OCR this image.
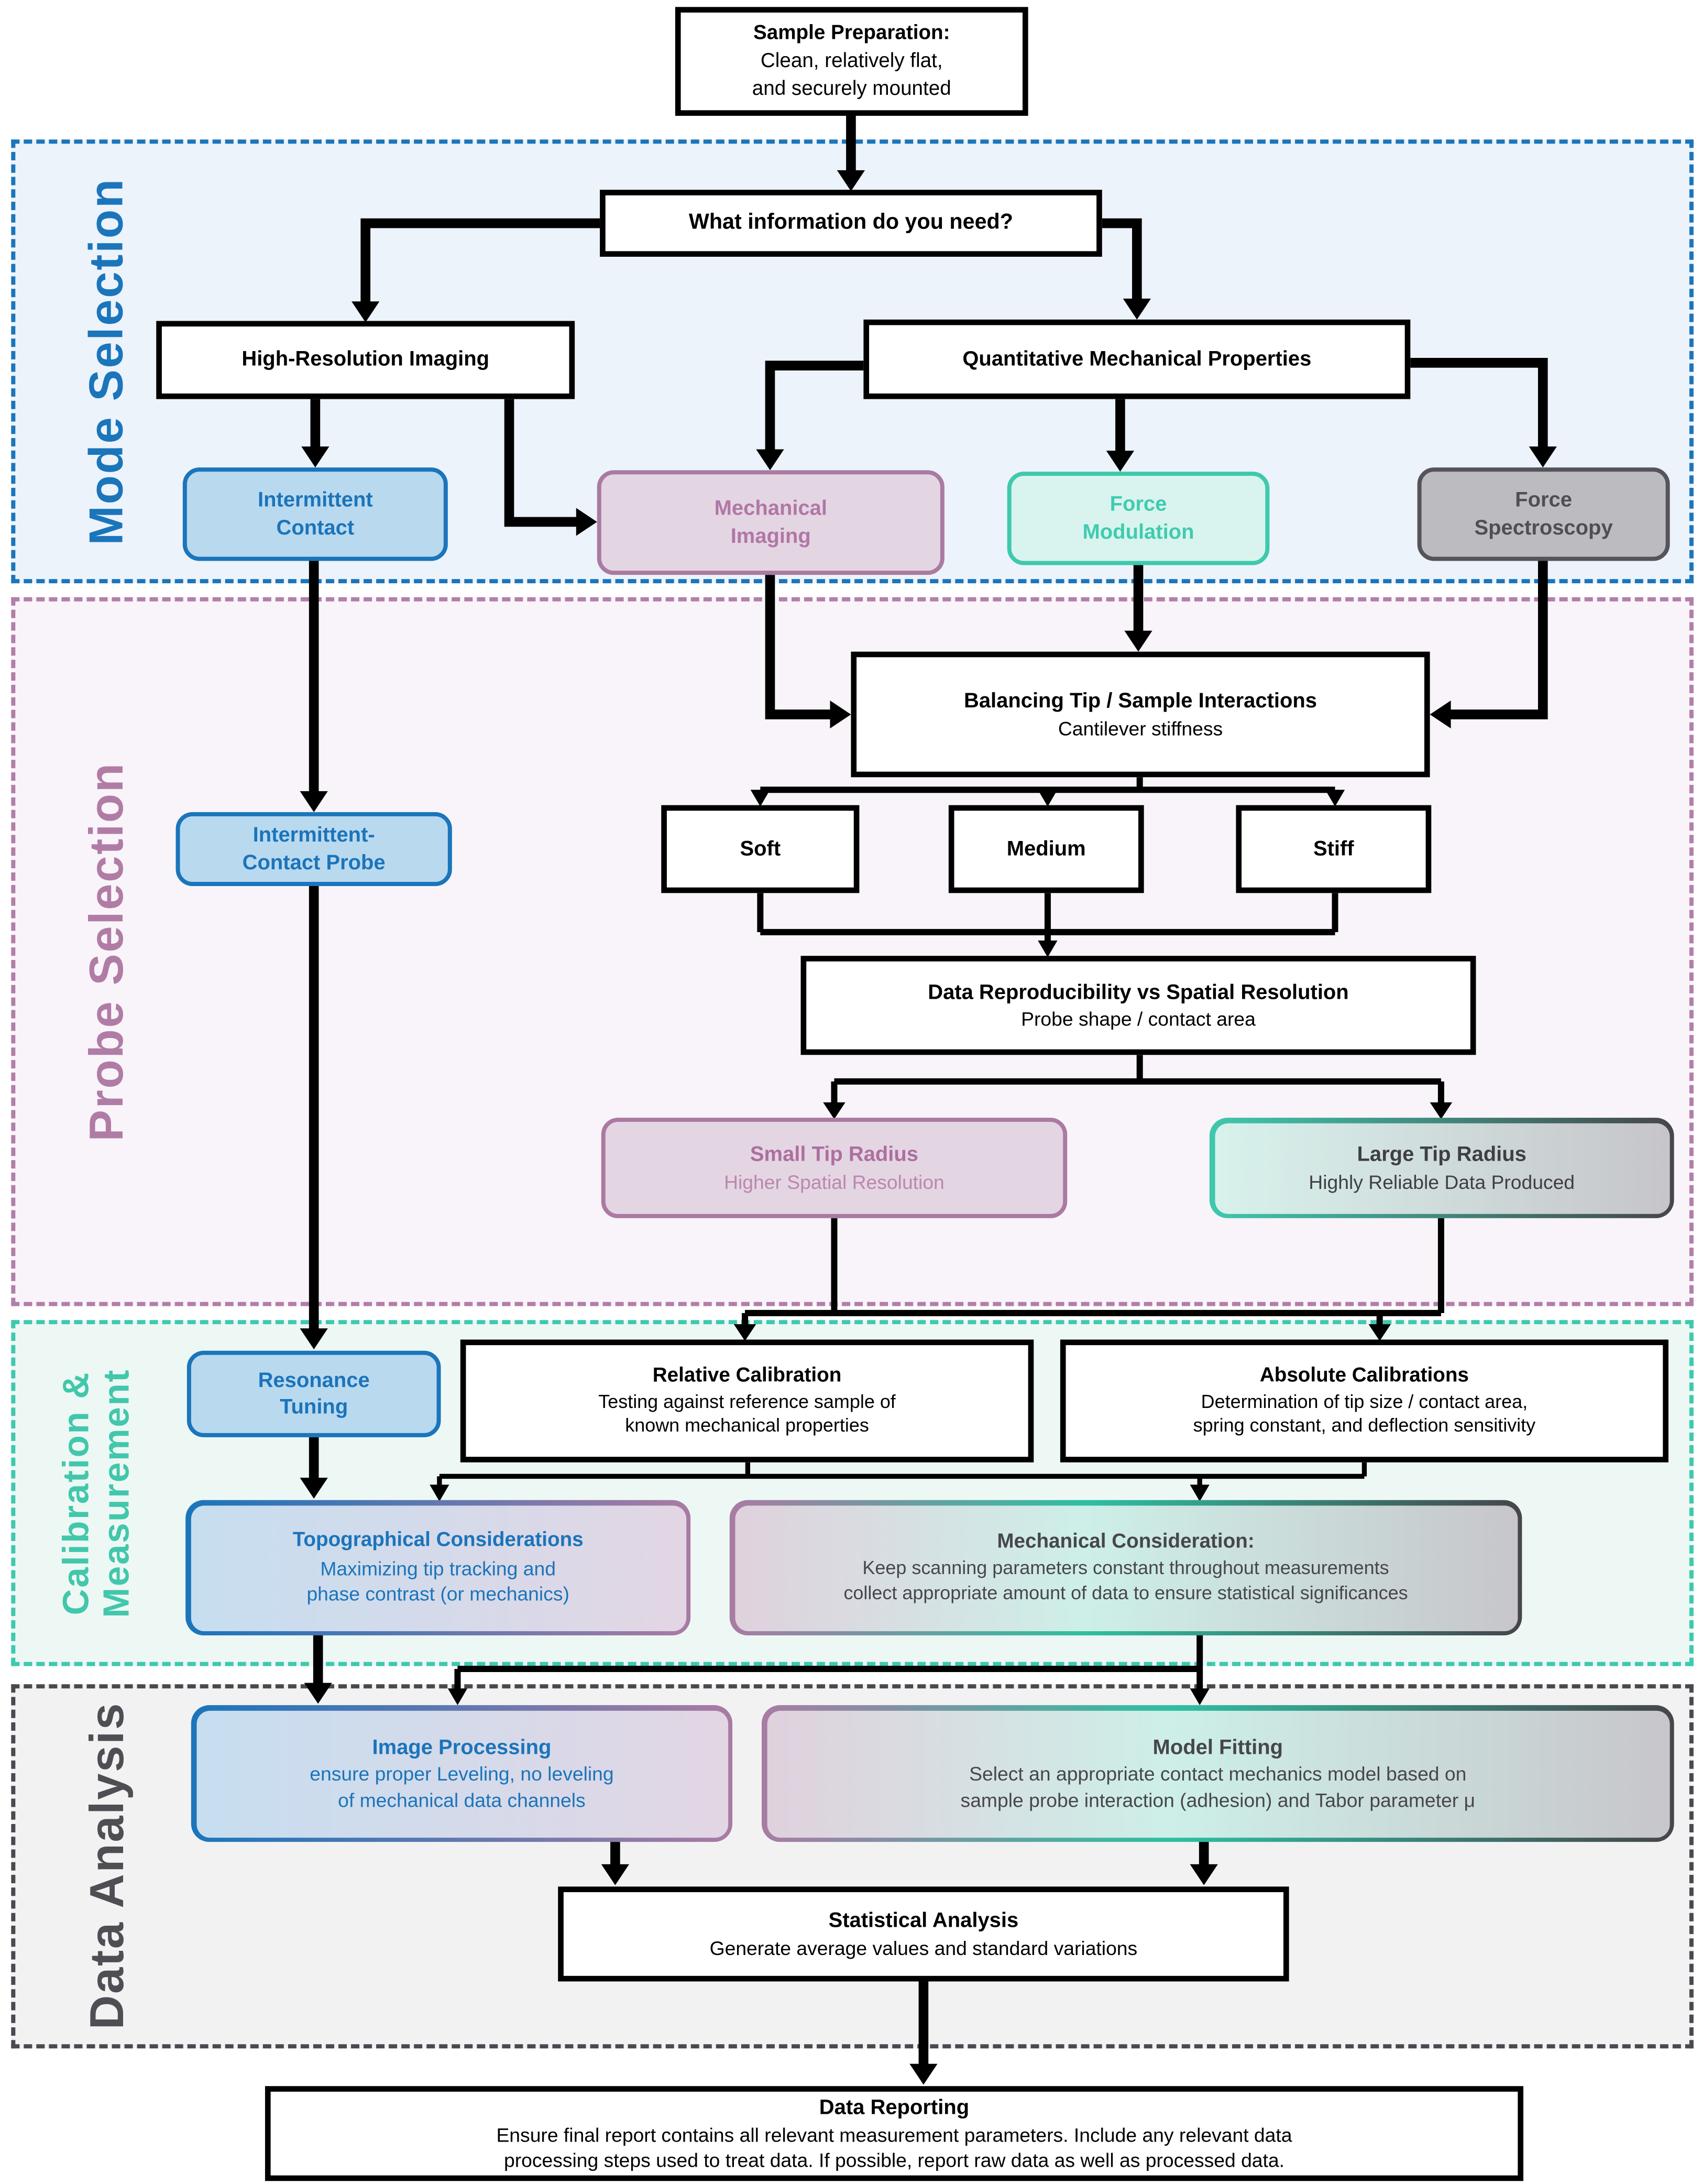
Mode Selection
Probe Selection
Calibration &
Measurement
Data Analysis
Sample Preparation:
Clean, relatively flat,
and securely mounted
What information do you need?
High-Resolution Imaging	Quantitative Mechanical Properties
Intermittent
Contact
Mechanical
Imaging
Force
Modulation
Force
Spectroscopy
Balancing Tip / Sample Interactions
Cantilever stiffness
Soft	Medium	Stiff
Intermittent-
Contact Probe
Data Reproducibility vs Spatial Resolution
Probe shape / contact area
Small Tip Radius
Higher Spatial Resolution
Large Tip Radius
Highly Reliable Data Produced
Resonance
Tuning
Relative Calibration
Testing against reference sample of
known mechanical properties
Absolute Calibrations
Determination of tip size / contact area,
spring constant, and deflection sensitivity
Topographical Considerations
Maximizing tip tracking and
phase contrast (or mechanics)
Mechanical Consideration:
Keep scanning parameters constant throughout measurements
collect appropriate amount of data to ensure statistical significances
Image Processing
ensure proper Leveling, no leveling
of mechanical data channels
Model Fitting
Select an appropriate contact mechanics model based on
sample probe interaction (adhesion) and Tabor parameter μ
Statistical Analysis
Generate average values and standard variations
Data Reporting
Ensure final report contains all relevant measurement parameters. Include any relevant data
processing steps used to treat data. If possible, report raw data as well as processed data.
